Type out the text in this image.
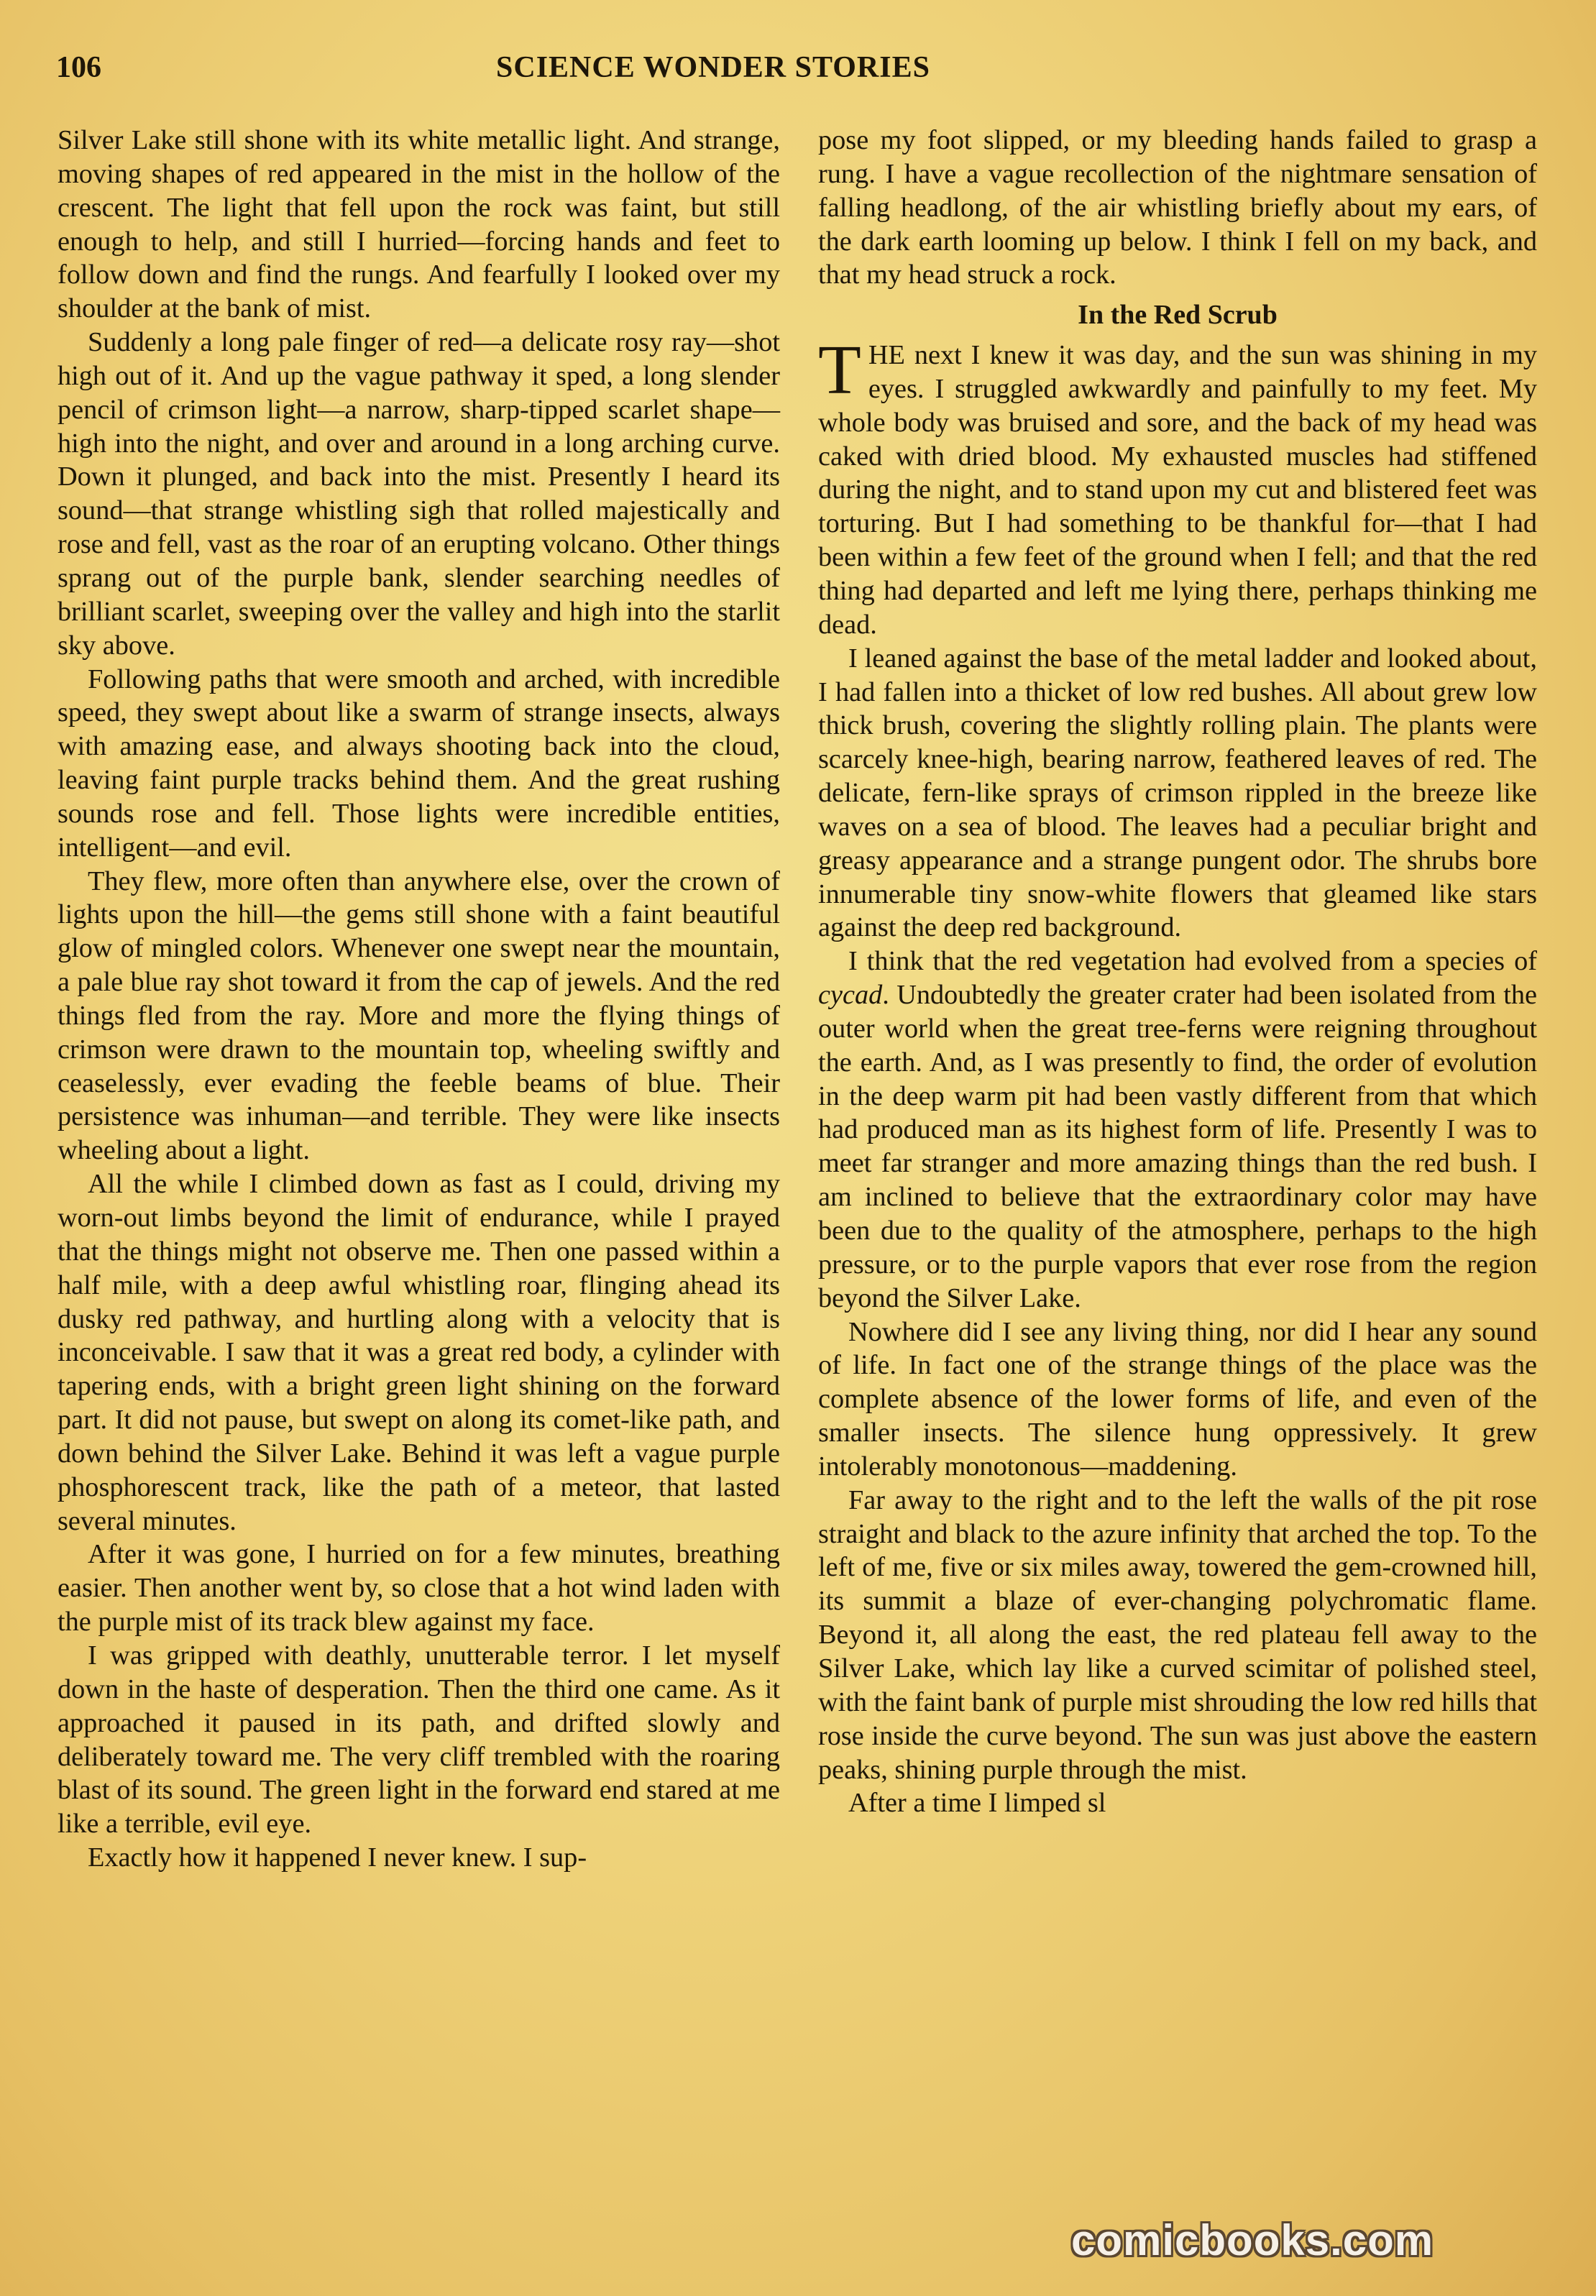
106	SCIENCE WONDER STORIES

Silver Lake still shone with its white metallic light. And strange, moving shapes of red appeared in the mist in the hollow of the crescent. The light that fell upon the rock was faint, but still enough to help, and still I hurried—forcing hands and feet to follow down and find the rungs. And fearfully I looked over my shoulder at the bank of mist.

Suddenly a long pale finger of red—a delicate rosy ray—shot high out of it. And up the vague pathway it sped, a long slender pencil of crimson light—a narrow, sharp-tipped scarlet shape—high into the night, and over and around in a long arching curve. Down it plunged, and back into the mist. Presently I heard its sound—that strange whistling sigh that rolled majestically and rose and fell, vast as the roar of an erupting volcano. Other things sprang out of the purple bank, slender searching needles of brilliant scarlet, sweeping over the valley and high into the starlit sky above.

Following paths that were smooth and arched, with incredible speed, they swept about like a swarm of strange insects, always with amazing ease, and always shooting back into the cloud, leaving faint purple tracks behind them. And the great rushing sounds rose and fell. Those lights were incredible entities, intelligent—and evil.

They flew, more often than anywhere else, over the crown of lights upon the hill—the gems still shone with a faint beautiful glow of mingled colors. Whenever one swept near the mountain, a pale blue ray shot toward it from the cap of jewels. And the red things fled from the ray. More and more the flying things of crimson were drawn to the mountain top, wheeling swiftly and ceaselessly, ever evading the feeble beams of blue. Their persistence was inhuman—and terrible. They were like insects wheeling about a light.

All the while I climbed down as fast as I could, driving my worn-out limbs beyond the limit of endurance, while I prayed that the things might not observe me. Then one passed within a half mile, with a deep awful whistling roar, flinging ahead its dusky red pathway, and hurtling along with a velocity that is inconceivable. I saw that it was a great red body, a cylinder with tapering ends, with a bright green light shining on the forward part. It did not pause, but swept on along its comet-like path, and down behind the Silver Lake. Behind it was left a vague purple phosphorescent track, like the path of a meteor, that lasted several minutes.

After it was gone, I hurried on for a few minutes, breathing easier. Then another went by, so close that a hot wind laden with the purple mist of its track blew against my face.

I was gripped with deathly, unutterable terror. I let myself down in the haste of desperation. Then the third one came. As it approached it paused in its path, and drifted slowly and deliberately toward me. The very cliff trembled with the roaring blast of its sound. The green light in the forward end stared at me like a terrible, evil eye.

Exactly how it happened I never knew. I sup-

pose my foot slipped, or my bleeding hands failed to grasp a rung. I have a vague recollection of the nightmare sensation of falling headlong, of the air whistling briefly about my ears, of the dark earth looming up below. I think I fell on my back, and that my head struck a rock.

In the Red Scrub

THE next I knew it was day, and the sun was shining in my eyes. I struggled awkwardly and painfully to my feet. My whole body was bruised and sore, and the back of my head was caked with dried blood. My exhausted muscles had stiffened during the night, and to stand upon my cut and blistered feet was torturing. But I had something to be thankful for—that I had been within a few feet of the ground when I fell; and that the red thing had departed and left me lying there, perhaps thinking me dead.

I leaned against the base of the metal ladder and looked about, I had fallen into a thicket of low red bushes. All about grew low thick brush, covering the slightly rolling plain. The plants were scarcely knee-high, bearing narrow, feathered leaves of red. The delicate, fern-like sprays of crimson rippled in the breeze like waves on a sea of blood. The leaves had a peculiar bright and greasy appearance and a strange pungent odor. The shrubs bore innumerable tiny snow-white flowers that gleamed like stars against the deep red background.

I think that the red vegetation had evolved from a species of cycad. Undoubtedly the greater crater had been isolated from the outer world when the great tree-ferns were reigning throughout the earth. And, as I was presently to find, the order of evolution in the deep warm pit had been vastly different from that which had produced man as its highest form of life. Presently I was to meet far stranger and more amazing things than the red bush. I am inclined to believe that the extraordinary color may have been due to the quality of the atmosphere, perhaps to the high pressure, or to the purple vapors that ever rose from the region beyond the Silver Lake.

Nowhere did I see any living thing, nor did I hear any sound of life. In fact one of the strange things of the place was the complete absence of the lower forms of life, and even of the smaller insects. The silence hung oppressively. It grew intolerably monotonous—maddening.

Far away to the right and to the left the walls of the pit rose straight and black to the azure infinity that arched the top. To the left of me, five or six miles away, towered the gem-crowned hill, its summit a blaze of ever-changing polychromatic flame. Beyond it, all along the east, the red plateau fell away to the Silver Lake, which lay like a curved scimitar of polished steel, with the faint bank of purple mist shrouding the low red hills that rose inside the curve beyond. The sun was just above the eastern peaks, shining purple through the mist.

After a time I limped sl

comicbooks.com
